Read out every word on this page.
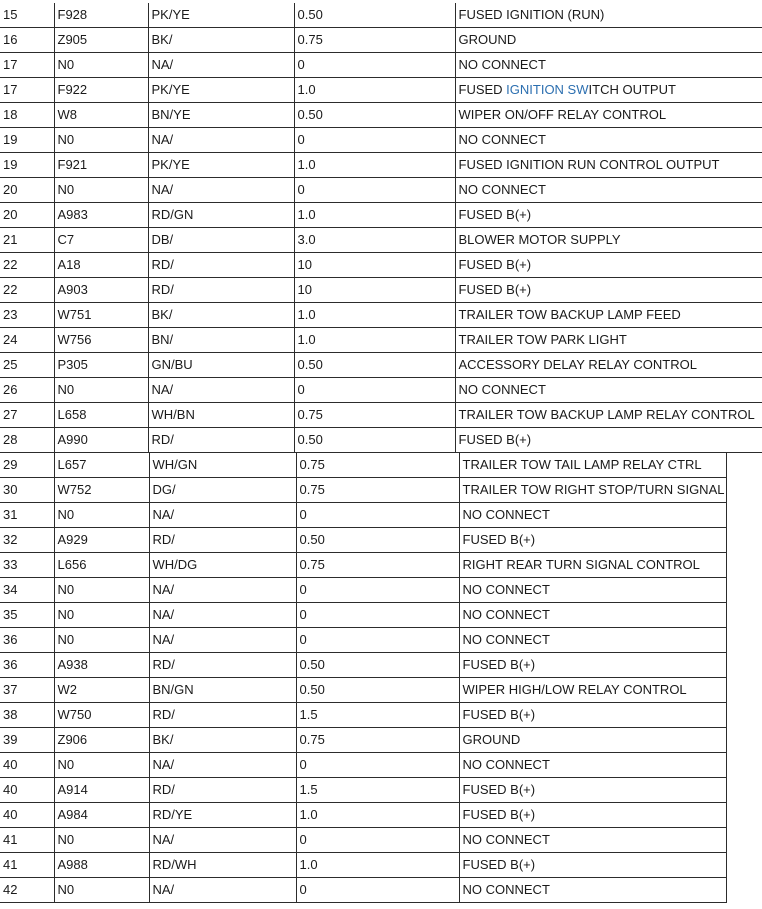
15	F928	PK/YE	0.50	FUSED IGNITION (RUN)
16	Z905	BK/	0.75	GROUND
17	N0	NA/	0	NO CONNECT
17	F922	PK/YE	1.0	FUSED IGNITION SWITCH OUTPUT
18	W8	BN/YE	0.50	WIPER ON/OFF RELAY CONTROL
19	N0	NA/	0	NO CONNECT
19	F921	PK/YE	1.0	FUSED IGNITION RUN CONTROL OUTPUT
20	N0	NA/	0	NO CONNECT
20	A983	RD/GN	1.0	FUSED B(+)
21	C7	DB/	3.0	BLOWER MOTOR SUPPLY
22	A18	RD/	10	FUSED B(+)
22	A903	RD/	10	FUSED B(+)
23	W751	BK/	1.0	TRAILER TOW BACKUP LAMP FEED
24	W756	BN/	1.0	TRAILER TOW PARK LIGHT
25	P305	GN/BU	0.50	ACCESSORY DELAY RELAY CONTROL
26	N0	NA/	0	NO CONNECT
27	L658	WH/BN	0.75	TRAILER TOW BACKUP LAMP RELAY CONTROL
28	A990	RD/	0.50	FUSED B(+)
29	L657	WH/GN	0.75	TRAILER TOW TAIL LAMP RELAY CTRL
30	W752	DG/	0.75	TRAILER TOW RIGHT STOP/TURN SIGNAL
31	N0	NA/	0	NO CONNECT
32	A929	RD/	0.50	FUSED B(+)
33	L656	WH/DG	0.75	RIGHT REAR TURN SIGNAL CONTROL
34	N0	NA/	0	NO CONNECT
35	N0	NA/	0	NO CONNECT
36	N0	NA/	0	NO CONNECT
36	A938	RD/	0.50	FUSED B(+)
37	W2	BN/GN	0.50	WIPER HIGH/LOW RELAY CONTROL
38	W750	RD/	1.5	FUSED B(+)
39	Z906	BK/	0.75	GROUND
40	N0	NA/	0	NO CONNECT
40	A914	RD/	1.5	FUSED B(+)
40	A984	RD/YE	1.0	FUSED B(+)
41	N0	NA/	0	NO CONNECT
41	A988	RD/WH	1.0	FUSED B(+)
42	N0	NA/	0	NO CONNECT
